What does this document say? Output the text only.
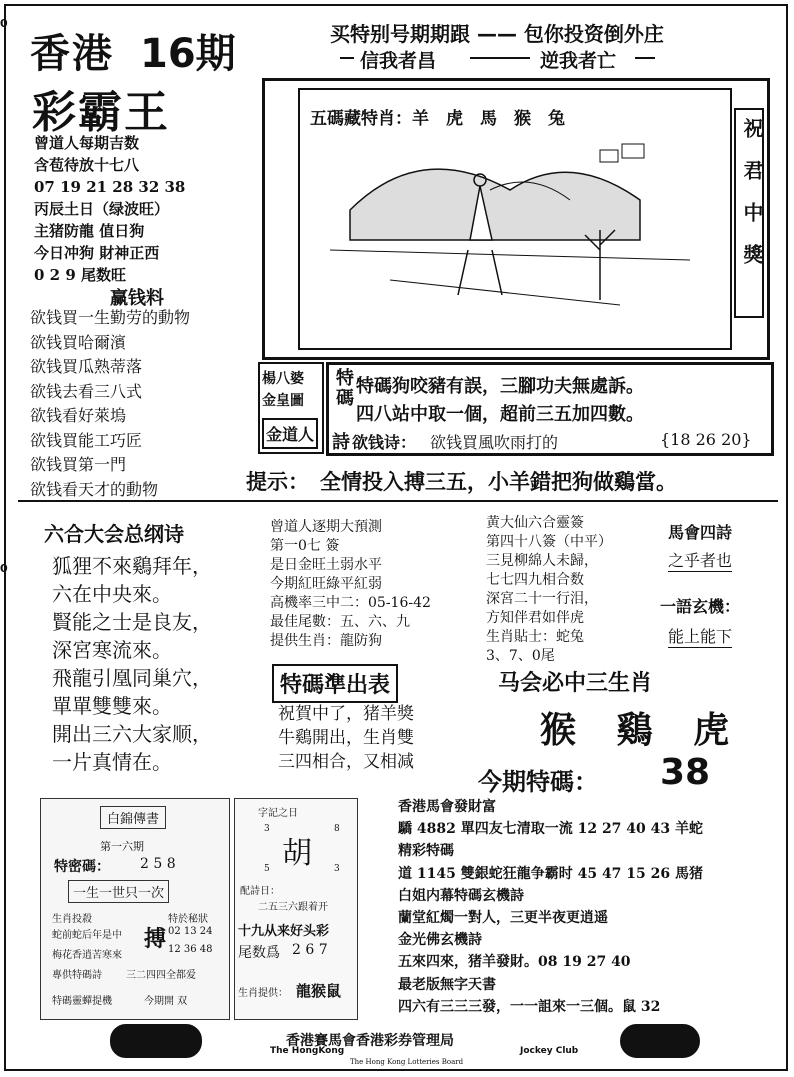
0
0
香港 16期
彩霸王
买特别号期期跟 —— 包你投资倒外庄
信我者昌	逆我者亡
曾道人每期吉数
含苞待放十七八
07 19 21 28 32 38
丙辰土日（绿波旺）
主猪防龍 值日狗
今日冲狗 財神正西
0 2 9 尾数旺
赢钱料
欲钱買一生勤劳的動物
欲钱買哈爾濱
欲钱買瓜熟蒂落
欲钱去看三八式
欲钱看好萊塢
欲钱買能工巧匠
欲钱買第一門
欲钱看天才的動物
五碼藏特肖：羊　虎　馬　猴　兔	祝君中獎
楊八婆
金皇圖
金道人
特碼
詩
特碼狗咬豬有誤，三腳功夫無處訴。
四八站中取一個，超前三五加四數。
欲钱诗： 欲钱買風吹雨打的	{18 26 20}
提示： 全情投入搏三五，小羊錯把狗做鷄當。
六合大会总纲诗
狐狸不來鷄拜年，
六在中央來。
賢能之士是良友，
深宮寒流來。
飛龍引凰同巢穴，
單單雙雙來。
開出三六大家顺，
一片真情在。
曾道人逐期大預測
第一0七 簽
是日金旺土弱水平
今期紅旺綠平紅弱
高機率三中二：05-16-42
最佳尾數：五、六、九
提供生肖：龍防狗
黄大仙六合靈簽
第四十八簽（中平）
三見柳綿人未歸，
七七四九相合数
深宮二十一行泪，
方知伴君如伴虎
生肖貼士：蛇兔
3、7、0尾
馬會四詩
之乎者也
一語玄機：
能上能下
特碼準出表
祝賀中了，猪羊獎
牛鷄開出，生肖雙
三四相合，又相减
马会必中三生肖
猴 鷄 虎
今期特碼： 38
白錦傳書
第一六期
特密碼： 2 5 8
一生一世只一次
生肖投殺
蛇前蛇后年是中
梅花香逍苦寒來
搏
特於秘狀
02 13 24
12 36 48
專供特碼詩 三二四四全都爱
特碼靈蟬提機	今期開 双
字記之日
3	8
胡
5	3
配詩日：
二五三六跟着开
十九从来好头彩
尾数爲 2 6 7
生肖提供： 龍猴鼠
香港馬會發財富
驕 4882 單四友七清取一流 12 27 40 43 羊蛇
精彩特碼
道 1145 雙銀蛇狂龍争霸时 45 47 15 26 馬猪
白姐内幕特碼玄機詩
蘭堂紅燭一對人，三更半夜更逍遥
金光佛玄機詩
五來四來，猪羊發財。08 19 27 40
最老版無字天書
四六有三三三發，一一詛來一三個。鼠 32
香港賽馬會香港彩券管理局
The HongKong	Jockey Club
The Hong Kong Lotteries Board
